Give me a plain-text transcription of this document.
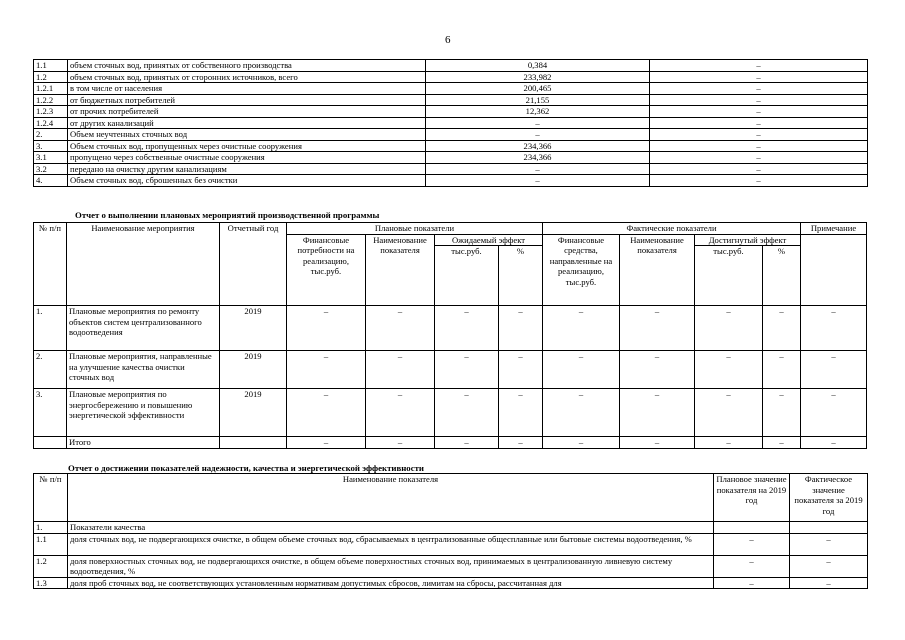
6
1.1	объем сточных вод, принятых от собственного производства	0,384	–
1.2	объем сточных вод, принятых от сторонних источников, всего	233,982	–
1.2.1	в том числе от населения	200,465	–
1.2.2	от бюджетных потребителей	21,155	–
1.2.3	от прочих потребителей	12,362	–
1.2.4	от других канализаций	–	–
2.	Объем неучтенных сточных вод	–	–
3.	Объем сточных вод, пропущенных через очистные сооружения	234,366	–
3.1	пропущено через собственные очистные сооружения	234,366	–
3.2	передано на очистку другим канализациям	–	–
4.	Объем сточных вод, сброшенных без очистки	–	–
Отчет о выполнении плановых мероприятий производственной программы
№ п/п	Наименование мероприятия	Отчетный год	Плановые показатели				Фактические показатели				Примечание
			Финансовые потребности на реализацию, тыс.руб.	Наименование показателя	Ожидаемый эффект		Финансовые средства, направленные на реализацию, тыс.руб.	Наименование показателя	Достигнутый эффект		
					тыс.руб.	%			тыс.руб.	%	
1.	Плановые мероприятия по ремонту объектов систем централизованного водоотведения	2019	–	–	–	–	–	–	–	–	–
2.	Плановые мероприятия, направленные на улучшение качества очистки сточных вод	2019	–	–	–	–	–	–	–	–	–
3.	Плановые мероприятия по энергосбережению и повышению энергетической эффективности	2019	–	–	–	–	–	–	–	–	–
	Итого		–	–	–	–	–	–	–	–	–
Отчет о достижении показателей надежности, качества и энергетической эффективности
№ п/п	Наименование показателя	Плановое значение показателя на 2019 год	Фактическое значение показателя за 2019 год
1.	Показатели качества		
1.1	доля сточных вод, не подвергающихся очистке, в общем объеме сточных вод, сбрасываемых в централизованные общесплавные или бытовые системы водоотведения, %	–	–
1.2	доля поверхностных сточных вод, не подвергающихся очистке, в общем объеме поверхностных сточных вод, принимаемых в централизованную ливневую систему водоотведения, %	–	–
1.3	доля проб сточных вод, не соответствующих установленным нормативам допустимых сбросов, лимитам на сбросы, рассчитанная для	–	–
